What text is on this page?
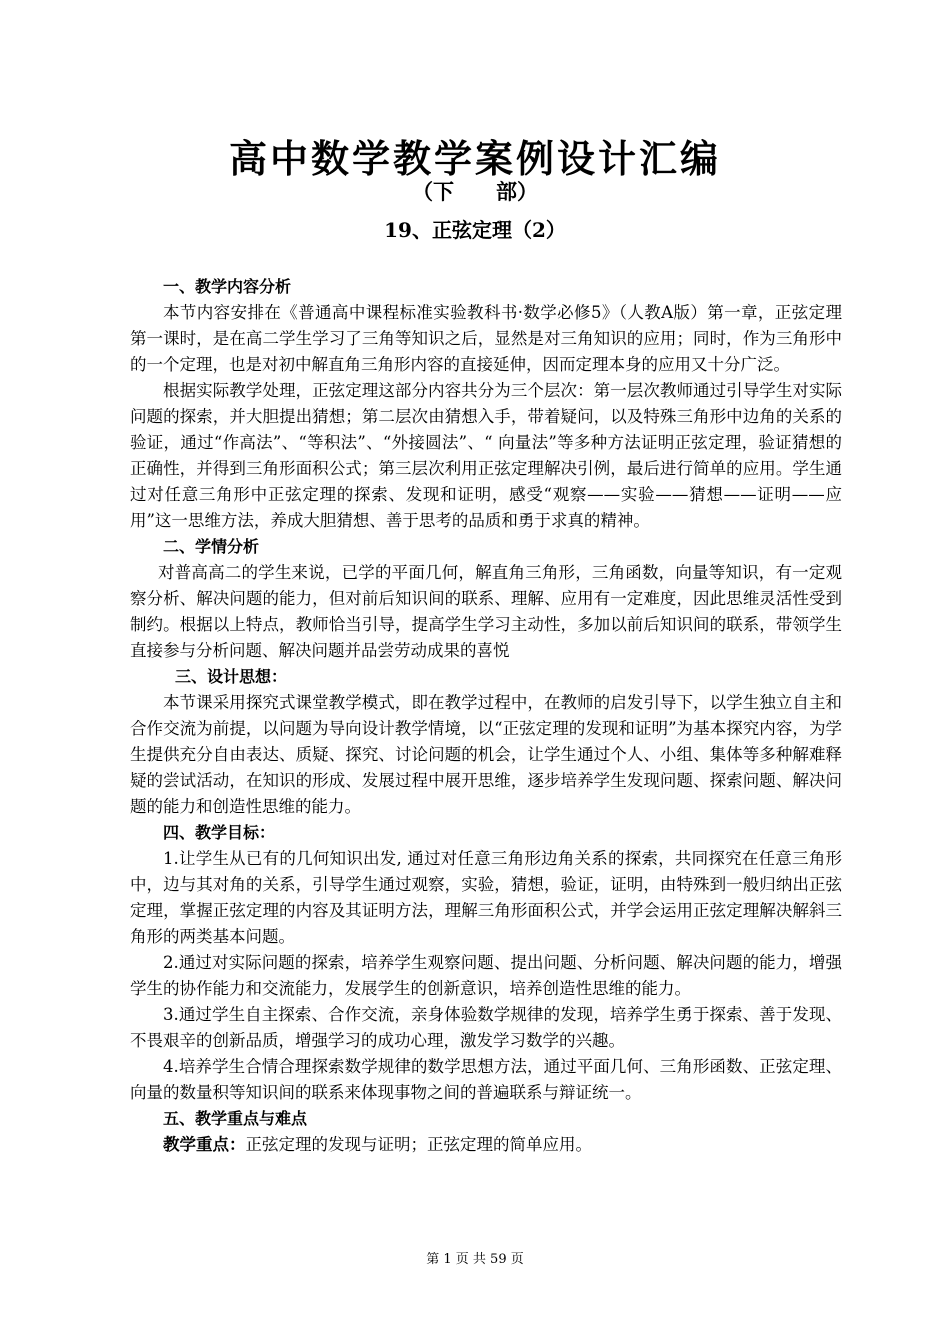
高中数学教学案例设计汇编
（下　　部）
19、正弦定理（2）

一、教学内容分析

本节内容安排在《普通高中课程标准实验教科书·数学必修5》（人教A版）第一章，正弦定理第一课时，是在高二学生学习了三角等知识之后，显然是对三角知识的应用；同时，作为三角形中的一个定理，也是对初中解直角三角形内容的直接延伸，因而定理本身的应用又十分广泛。

根据实际教学处理，正弦定理这部分内容共分为三个层次：第一层次教师通过引导学生对实际问题的探索，并大胆提出猜想；第二层次由猜想入手，带着疑问，以及特殊三角形中边角的关系的验证，通过“作高法”、“等积法”、“外接圆法”、“ 向量法”等多种方法证明正弦定理，验证猜想的正确性，并得到三角形面积公式；第三层次利用正弦定理解决引例，最后进行简单的应用。学生通过对任意三角形中正弦定理的探索、发现和证明，感受“观察——实验——猜想——证明——应用”这一思维方法，养成大胆猜想、善于思考的品质和勇于求真的精神。

二、学情分析

对普高高二的学生来说，已学的平面几何，解直角三角形，三角函数，向量等知识，有一定观察分析、解决问题的能力，但对前后知识间的联系、理解、应用有一定难度，因此思维灵活性受到制约。根据以上特点，教师恰当引导，提高学生学习主动性，多加以前后知识间的联系，带领学生直接参与分析问题、解决问题并品尝劳动成果的喜悦

三、设计思想：

本节课采用探究式课堂教学模式，即在教学过程中，在教师的启发引导下，以学生独立自主和合作交流为前提，以问题为导向设计教学情境，以“正弦定理的发现和证明”为基本探究内容，为学生提供充分自由表达、质疑、探究、讨论问题的机会，让学生通过个人、小组、集体等多种解难释疑的尝试活动，在知识的形成、发展过程中展开思维，逐步培养学生发现问题、探索问题、解决问题的能力和创造性思维的能力。

四、教学目标：

1.让学生从已有的几何知识出发, 通过对任意三角形边角关系的探索，共同探究在任意三角形中，边与其对角的关系，引导学生通过观察，实验，猜想，验证，证明，由特殊到一般归纳出正弦定理，掌握正弦定理的内容及其证明方法，理解三角形面积公式，并学会运用正弦定理解决解斜三角形的两类基本问题。

2.通过对实际问题的探索，培养学生观察问题、提出问题、分析问题、解决问题的能力，增强学生的协作能力和交流能力，发展学生的创新意识，培养创造性思维的能力。

3.通过学生自主探索、合作交流，亲身体验数学规律的发现，培养学生勇于探索、善于发现、不畏艰辛的创新品质，增强学习的成功心理，激发学习数学的兴趣。

4.培养学生合情合理探索数学规律的数学思想方法，通过平面几何、三角形函数、正弦定理、向量的数量积等知识间的联系来体现事物之间的普遍联系与辩证统一。

五、教学重点与难点

教学重点：正弦定理的发现与证明；正弦定理的简单应用。

第 1 页 共 59 页
